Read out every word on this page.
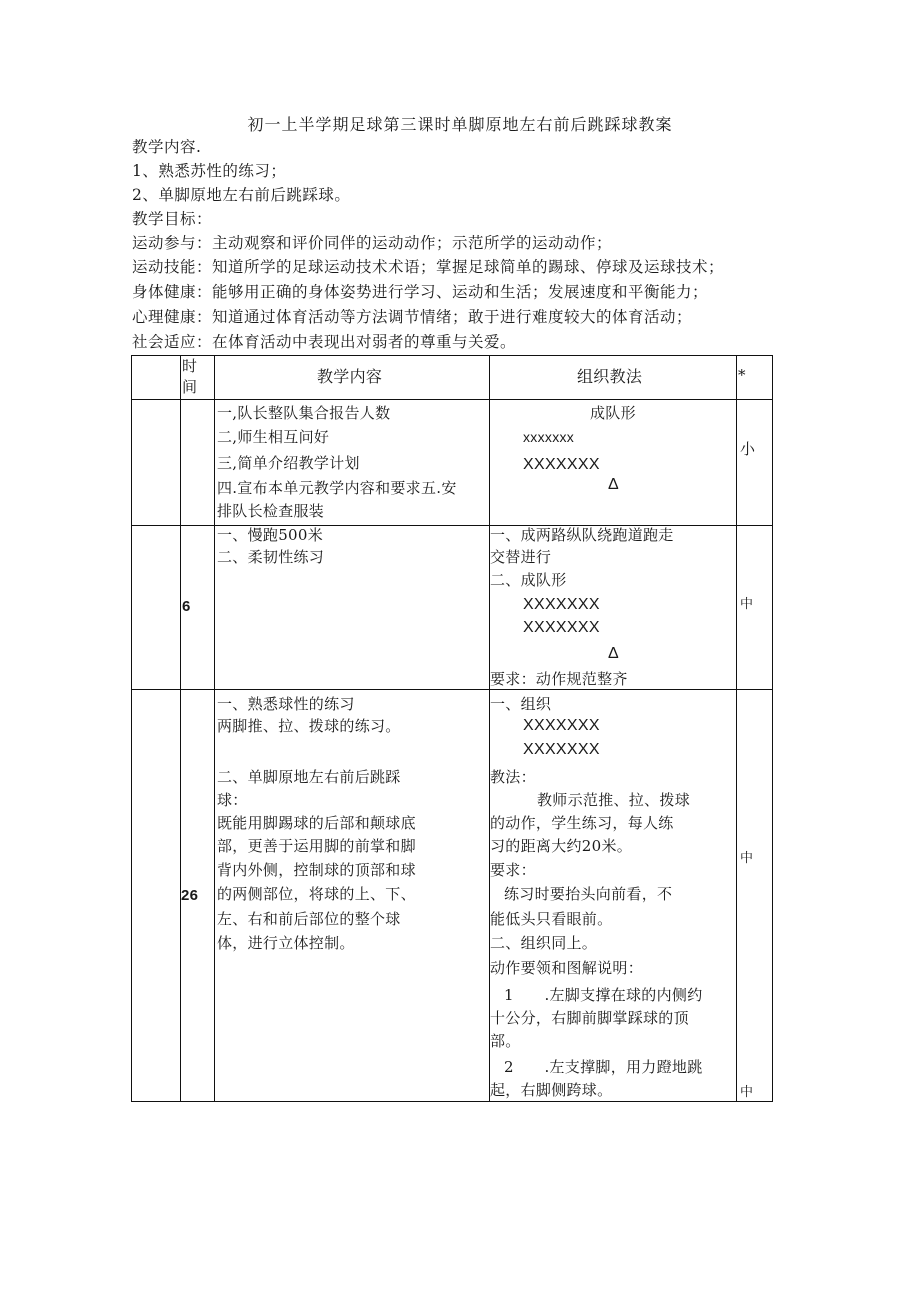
初一上半学期足球第三课时单脚原地左右前后跳踩球教案
教学内容.
1、熟悉苏性的练习；
2、单脚原地左右前后跳踩球。
教学目标：
运动参与：主动观察和评价同伴的运动动作；示范所学的运动动作；
运动技能：知道所学的足球运动技术术语；掌握足球简单的踢球、停球及运球技术；
身体健康：能够用正确的身体姿势进行学习、运动和生活；发展速度和平衡能力；
心理健康：知道通过体育活动等方法调节情绪；敢于进行难度较大的体育活动；
社会适应：在体育活动中表现出对弱者的尊重与关爱。
时
间
教学内容	组织教法	*
一,队长整队集合报告人数
二,师生相互问好
三,简单介绍教学计划
四.宣布本单元教学内容和要求五.安
排队长检查服装
成队形
xxxxxxx
XXXXXXX
Δ
小
6
一、慢跑500米
二、柔韧性练习
一、成两路纵队绕跑道跑走
交替进行
二、成队形
XXXXXXX
XXXXXXX
Δ
要求：动作规范整齐
中
26
一、熟悉球性的练习
两脚推、拉、拨球的练习。
二、单脚原地左右前后跳踩
球：
既能用脚踢球的后部和颠球底
部，更善于运用脚的前掌和脚
背内外侧，控制球的顶部和球
的两侧部位，将球的上、下、
左、右和前后部位的整个球
体，进行立体控制。
一、组织
XXXXXXX
XXXXXXX
教法：
教师示范推、拉、拨球
的动作，学生练习，每人练
习的距离大约20米。
要求：
练习时要抬头向前看，不
能低头只看眼前。
二、组织同上。
动作要领和图解说明：
1　　.左脚支撑在球的内侧约
十公分，右脚前脚掌踩球的顶
部。
2　　.左支撑脚，用力蹬地跳
起，右脚侧跨球。
中
中
